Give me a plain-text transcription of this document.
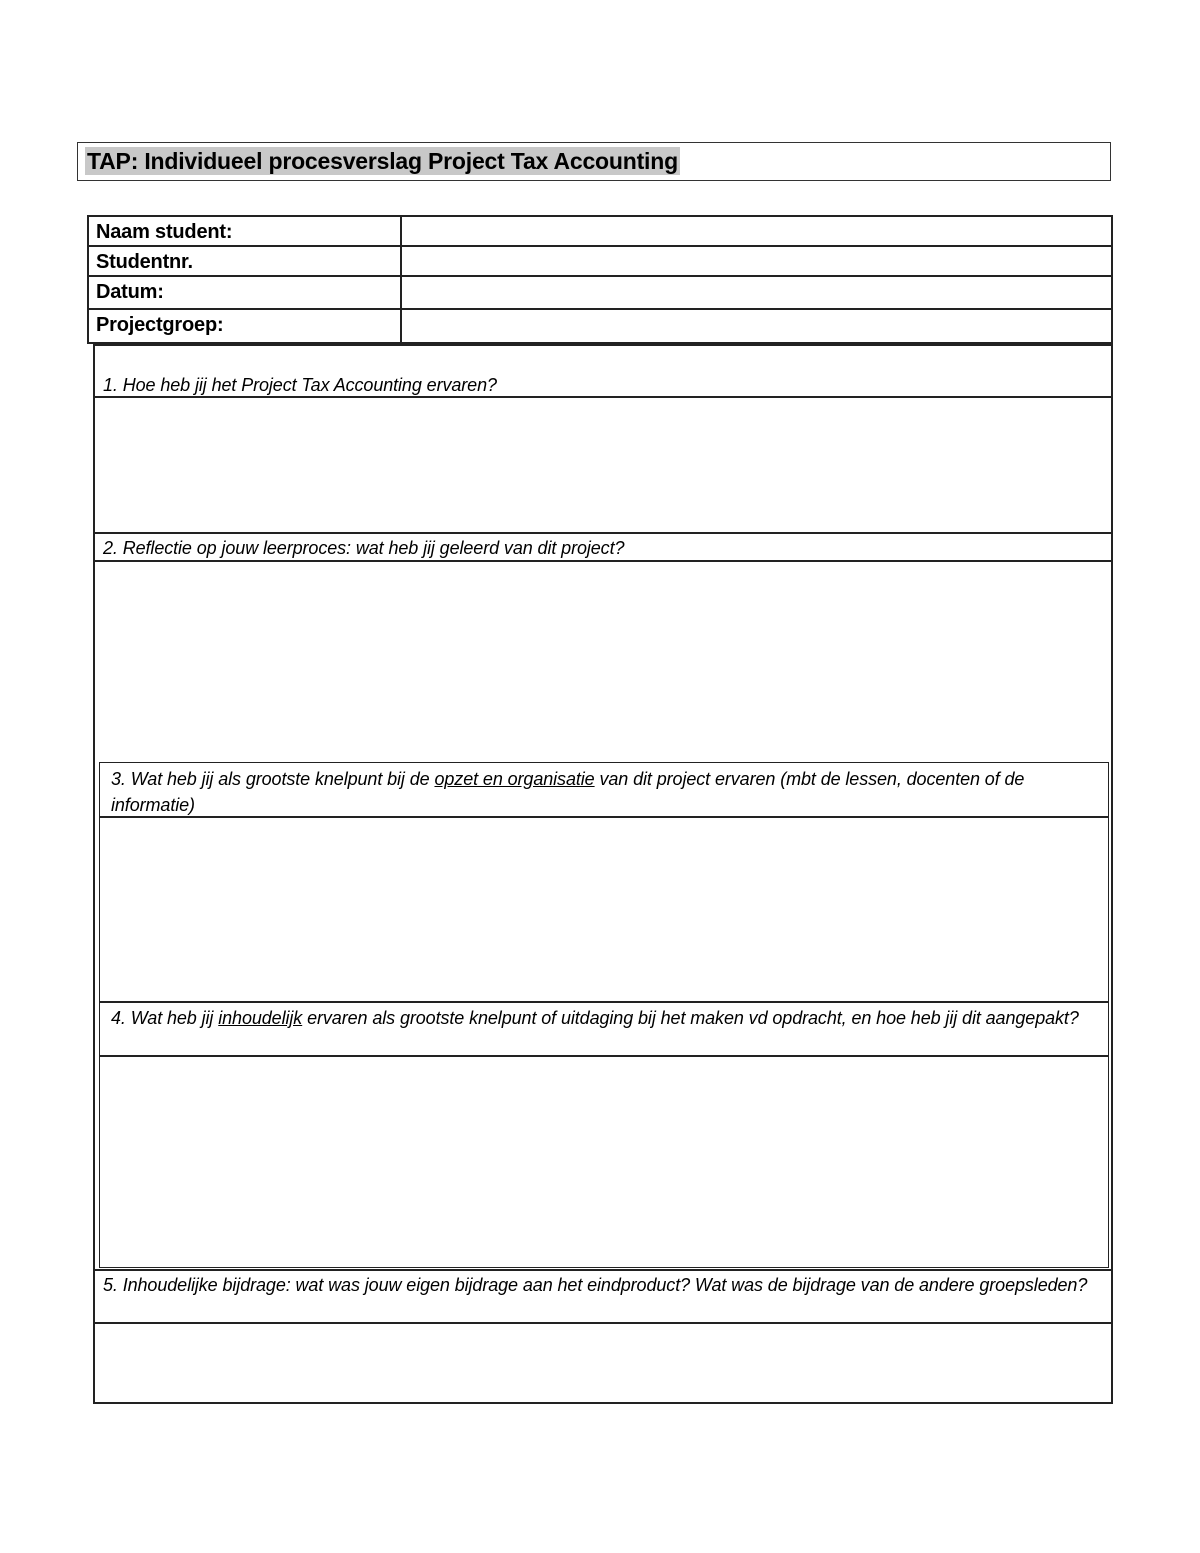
TAP: Individueel procesverslag Project Tax Accounting
Naam student:
Studentnr.
Datum:
Projectgroep:
1. Hoe heb jij het Project Tax Accounting ervaren?
2. Reflectie op jouw leerproces: wat heb jij geleerd van dit project?
3. Wat heb jij als grootste knelpunt bij de opzet en organisatie van dit project ervaren (mbt de lessen, docenten of de informatie)
4. Wat heb jij inhoudelijk ervaren als grootste knelpunt of uitdaging bij het maken vd opdracht, en hoe heb jij dit aangepakt?
5. Inhoudelijke bijdrage: wat was jouw eigen bijdrage aan het eindproduct? Wat was de bijdrage van de andere groepsleden?
